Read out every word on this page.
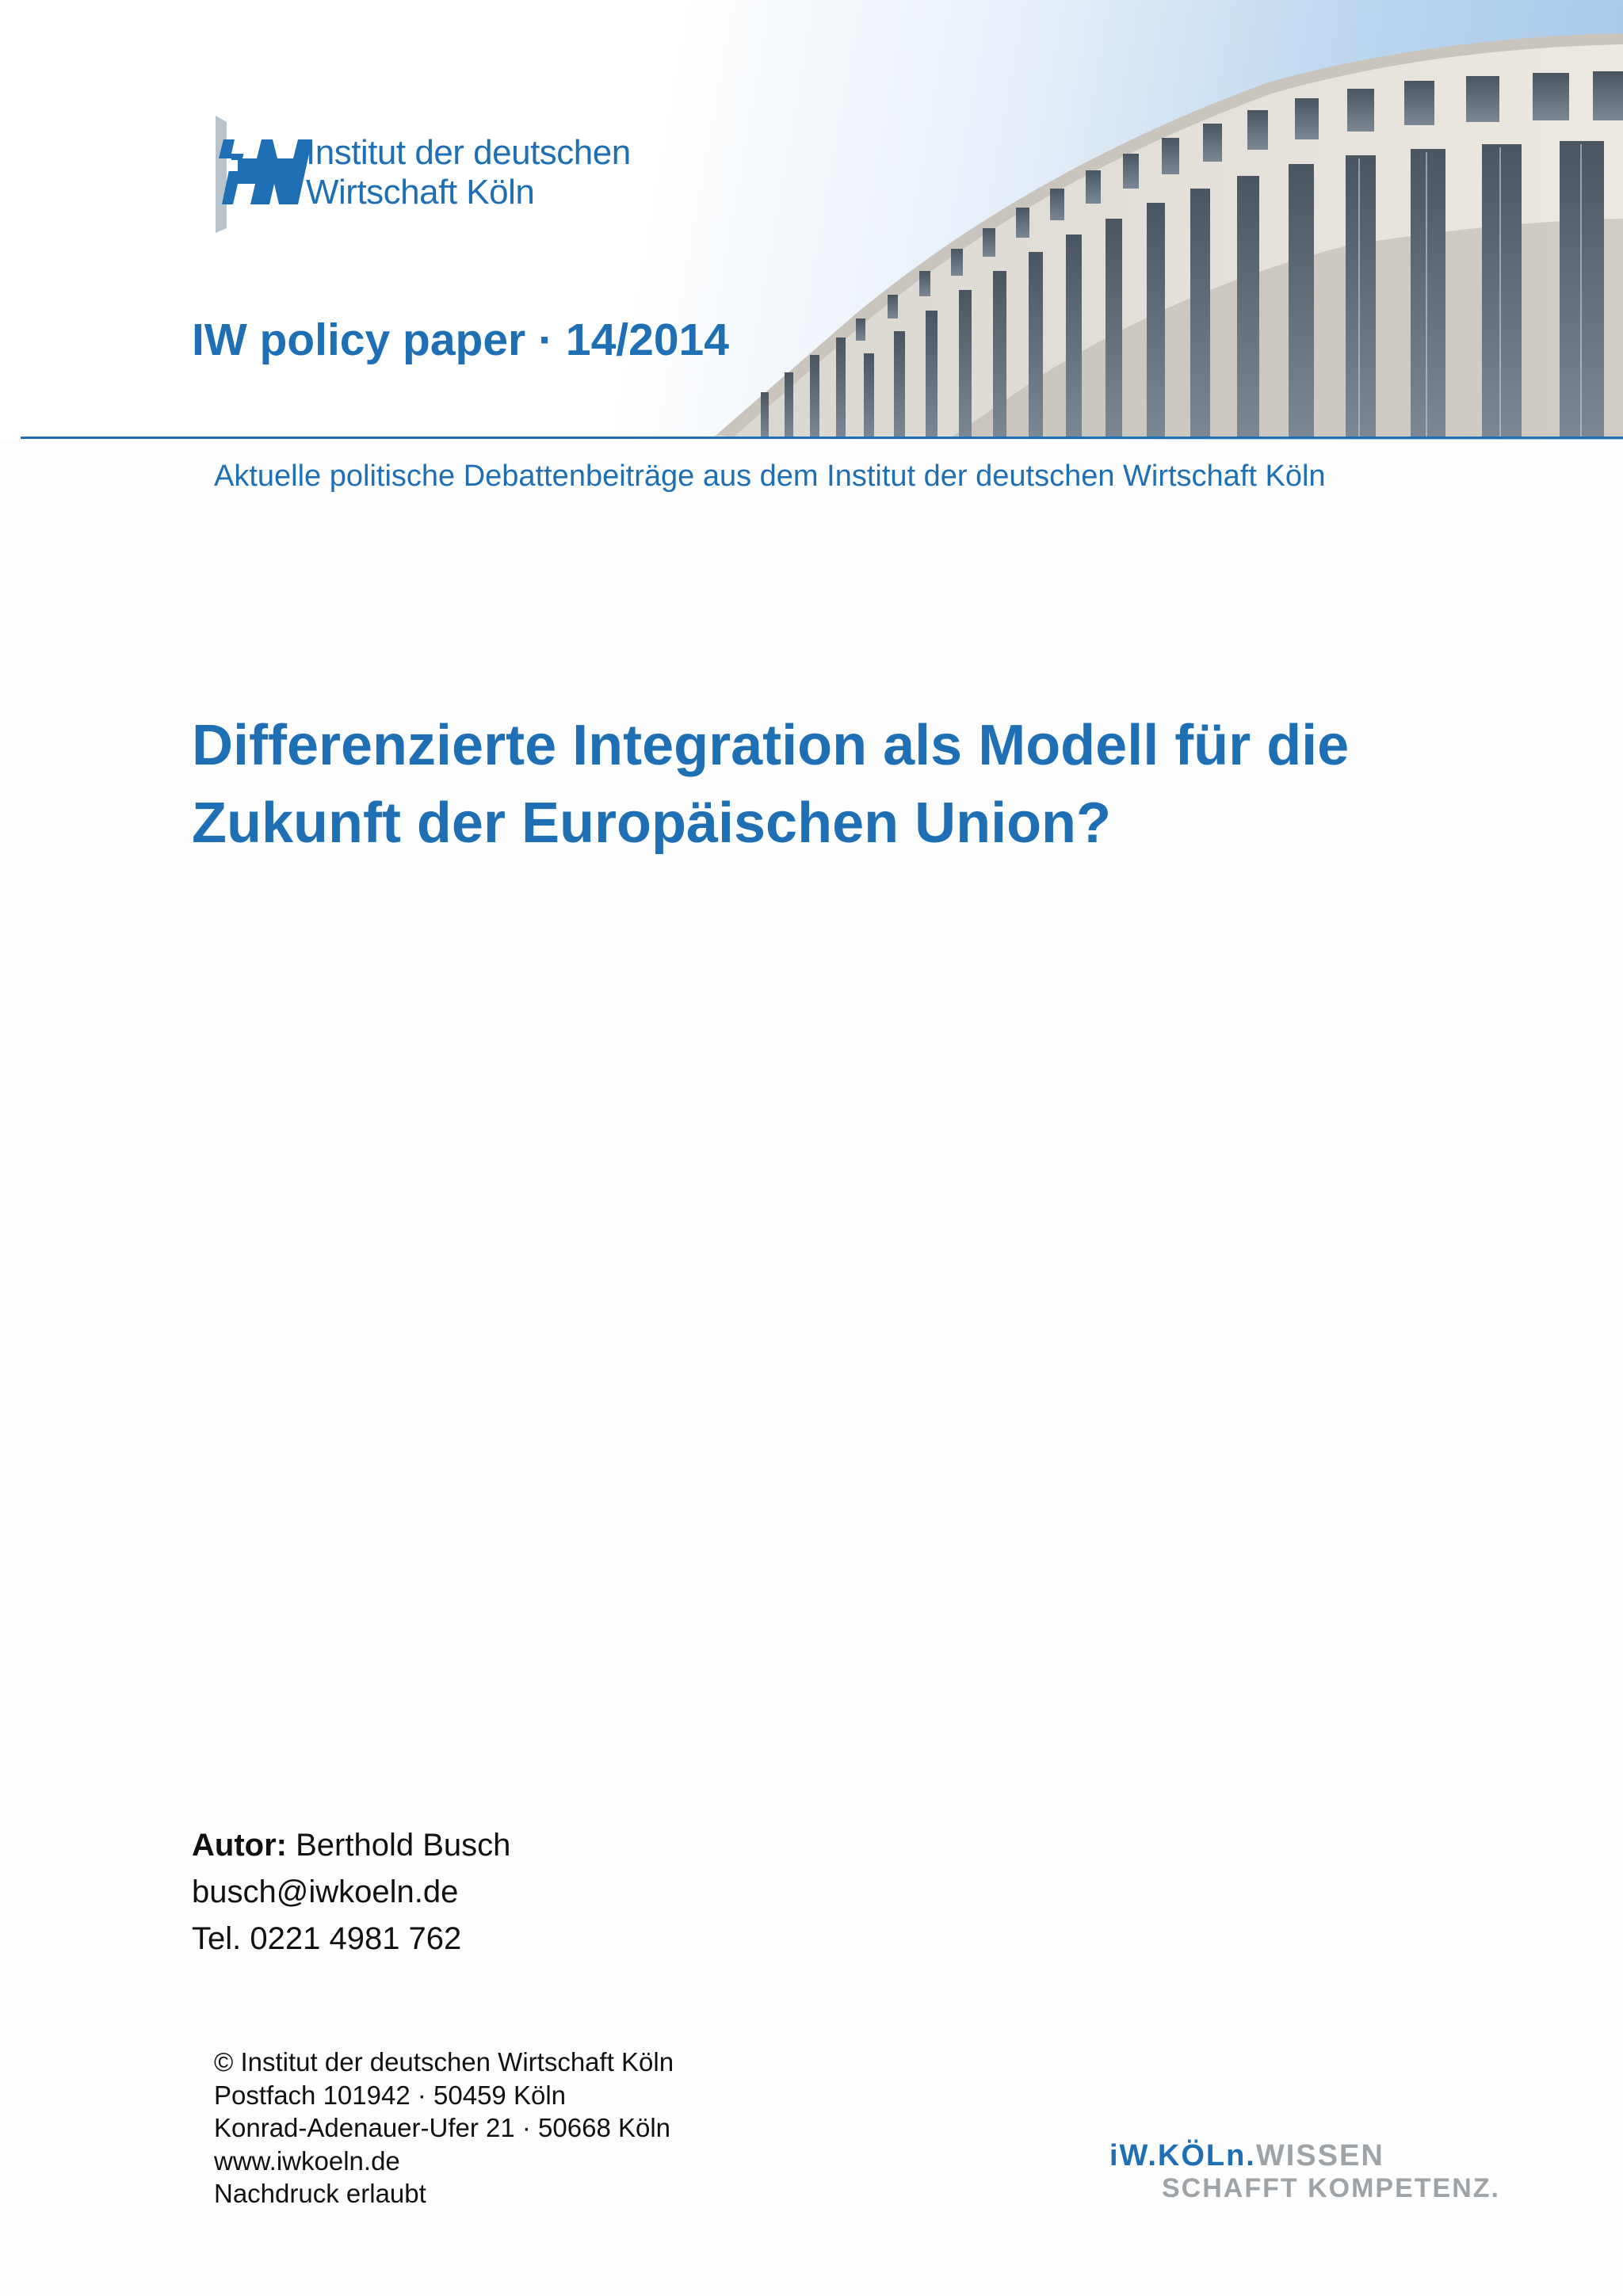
Institut der deutschen
Wirtschaft Köln
IW policy paper · 14/2014
Aktuelle politische Debattenbeiträge aus dem Institut der deutschen Wirtschaft Köln
Differenzierte Integration als Modell für die
Zukunft der Europäischen Union?
Autor: Berthold Busch
busch@iwkoeln.de
Tel. 0221 4981 762
© Institut der deutschen Wirtschaft Köln
Postfach 101942 · 50459 Köln
Konrad-Adenauer-Ufer 21 · 50668 Köln
www.iwkoeln.de
Nachdruck erlaubt
iW.KÖLn.WISSEN
SCHAFFT KOMPETENZ.
